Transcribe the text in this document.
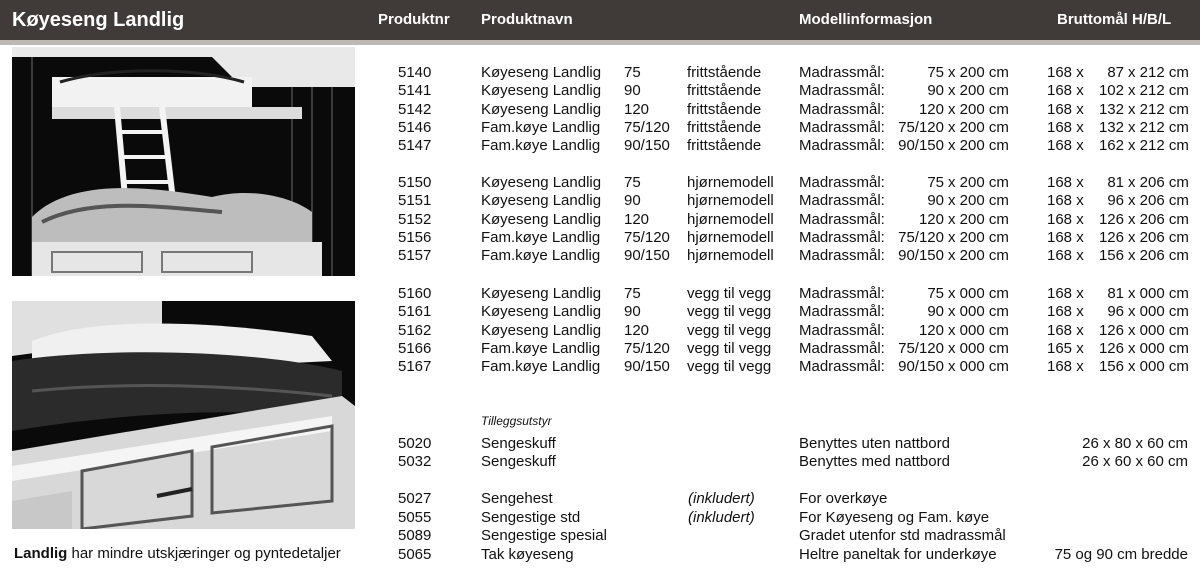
Køyeseng Landlig	Produktnr Produktnavn	Modellinformasjon	Bruttomål H/B/L
Landlig har mindre utskjæringer og pyntedetaljer
5140	Køyeseng Landlig 75	frittstående	Madrassmål:	75 x 200 cm	168 x	87 x 212 cm
5141	Køyeseng Landlig 90	frittstående	Madrassmål:	90 x 200 cm	168 x	102 x 212 cm
5142	Køyeseng Landlig 120	frittstående	Madrassmål:	120 x 200 cm	168 x	132 x 212 cm
5146	Fam.køye Landlig 75/120 frittstående	Madrassmål: 75/120 x 200 cm	168 x	132 x 212 cm
5147	Fam.køye Landlig 90/150 frittstående	Madrassmål: 90/150 x 200 cm	168 x	162 x 212 cm
5150	Køyeseng Landlig 75	hjørnemodell Madrassmål:	75 x 200 cm	168 x	81 x 206 cm
5151	Køyeseng Landlig 90	hjørnemodell Madrassmål:	90 x 200 cm	168 x	96 x 206 cm
5152	Køyeseng Landlig 120	hjørnemodell Madrassmål:	120 x 200 cm	168 x	126 x 206 cm
5156	Fam.køye Landlig 75/120 hjørnemodell Madrassmål: 75/120 x 200 cm	168 x	126 x 206 cm
5157	Fam.køye Landlig 90/150 hjørnemodell Madrassmål: 90/150 x 200 cm	168 x	156 x 206 cm
5160	Køyeseng Landlig 75	vegg til vegg Madrassmål:	75 x 000 cm	168 x	81 x 000 cm
5161	Køyeseng Landlig 90	vegg til vegg Madrassmål:	90 x 000 cm	168 x	96 x 000 cm
5162	Køyeseng Landlig 120	vegg til vegg Madrassmål:	120 x 000 cm	168 x	126 x 000 cm
5166	Fam.køye Landlig 75/120 vegg til vegg Madrassmål: 75/120 x 000 cm	165 x	126 x 000 cm
5167	Fam.køye Landlig 90/150 vegg til vegg Madrassmål: 90/150 x 000 cm	168 x	156 x 000 cm
Tilleggsutstyr
5020	Sengeskuff	Benyttes uten nattbord	26 x 80 x 60 cm
5032	Sengeskuff	Benyttes med nattbord	26 x 60 x 60 cm
5027	Sengehest	(inkludert)	For overkøye
5055	Sengestige std	(inkludert)	For Køyeseng og Fam. køye
5089	Sengestige spesial	Gradet utenfor std madrassmål
5065	Tak køyeseng	Heltre paneltak for underkøye	75 og 90 cm bredde
